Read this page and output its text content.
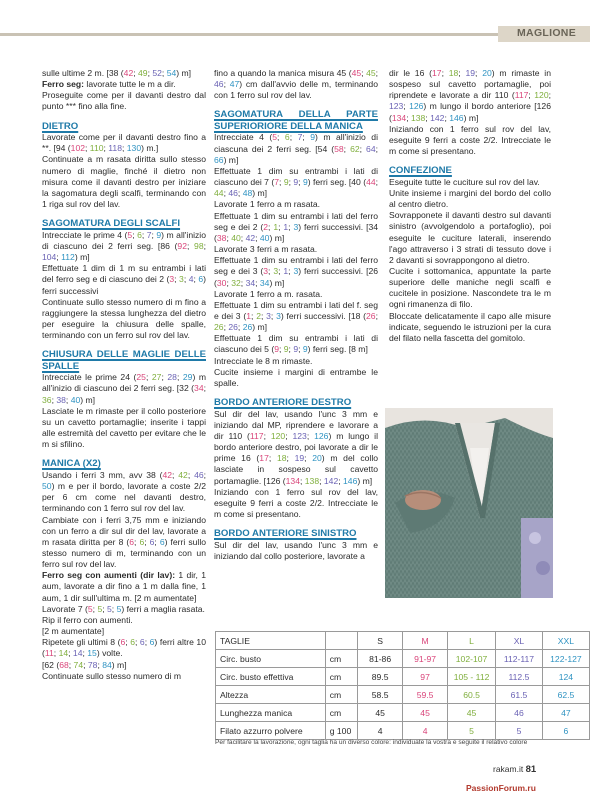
MAGLIONE

sulle ultime 2 m. [38 (42; 49; 52; 54) m]

Ferro seg: lavorate tutte le m a dir.

Proseguite come per il davanti destro dal punto *** fino alla fine.

DIETRO

Lavorate come per il davanti destro fino a **. [94 (102; 110; 118; 130) m.]

Continuate a m rasata diritta sullo stesso numero di maglie, finché il dietro non misura come il davanti destro per iniziare la sagomatura degli scalfi, terminando con 1 riga sul rov del lav.

SAGOMATURA DEGLI SCALFI

Intrecciate le prime 4 (5; 6; 7; 9) m all'inizio di ciascuno dei 2 ferri seg. [86 (92; 98; 104; 112) m]

Effettuate 1 dim di 1 m su entrambi i lati del ferro seg e di ciascuno dei 2 (3; 3; 4; 6) ferri successivi

Continuate sullo stesso numero di m fino a raggiungere la stessa lunghezza del dietro per eseguire la chiusura delle spalle, terminando con un ferro sul rov del lav.

CHIUSURA DELLE MAGLIE DELLE SPALLE

Intrecciate le prime 24 (25; 27; 28; 29) m all'inizio di ciascuno dei 2 ferri seg. [32 (34; 36; 38; 40) m]

Lasciate le m rimaste per il collo posteriore su un cavetto portamaglie; inserite i tappi alle estremità del cavetto per evitare che le m si sfilino.

MANICA (X2)

Usando i ferri 3 mm, avv 38 (42; 42; 46; 50) m e per il bordo, lavorate a coste 2/2 per 6 cm come nel davanti destro, terminando con 1 ferro sul rov del lav.

Cambiate con i ferri 3,75 mm e iniziando con un ferro a dir sul dir del lav, lavorate a m rasata diritta per 8 (6; 6; 6; 6) ferri sullo stesso numero di m, terminando con un ferro sul rov del lav.

Ferro seg con aumenti (dir lav): 1 dir, 1 aum, lavorate a dir fino a 1 m dalla fine, 1 aum, 1 dir sull'ultima m. [2 m aumentate]

Lavorate 7 (5; 5; 5; 5) ferri a maglia rasata.

Rip il ferro con aumenti.

[2 m aumentate]

Ripetete gli ultimi 8 (6; 6; 6; 6) ferri altre 10 (11; 14; 14; 15) volte.

[62 (68; 74; 78; 84) m]

Continuate sullo stesso numero di m

fino a quando la manica misura 45 (45; 45; 46; 47) cm dall'avvio delle m, terminando con 1 ferro sul rov del lav.

SAGOMATURA DELLA PARTE SUPERIORIORE DELLA MANICA

Intrecciate 4 (5; 6; 7; 9) m all'inizio di ciascuna dei 2 ferri seg. [54 (58; 62; 64; 66) m]

Effettuate 1 dim su entrambi i lati di ciascuno dei 7 (7; 9; 9; 9) ferri seg. [40 (44; 44; 46; 48) m]

Lavorate 1 ferro a m rasata.

Effettuate 1 dim su entrambi i lati del ferro seg e dei 2 (2; 1; 1; 3) ferri successivi. [34 (38; 40; 42; 40) m]

Lavorate 3 ferri a m rasata.

Effettuate 1 dim su entrambi i lati del ferro seg e dei 3 (3; 3; 1; 3) ferri successivi. [26 (30; 32; 34; 34) m]

Lavorate 1 ferro a m. rasata.

Effettuate 1 dim su entrambi i lati del f. seg e dei 3 (1; 2; 3; 3) ferri successivi. [18 (26; 26; 26; 26) m]

Effettuate 1 dim su entrambi i lati di ciascuno dei 5 (9; 9; 9; 9) ferri seg. [8 m]

Intrecciate le 8 m rimaste.

Cucite insieme i margini di entrambe le spalle.

BORDO ANTERIORE DESTRO

Sul dir del lav, usando l'unc 3 mm e iniziando dal MP, riprendere e lavorare a dir 110 (117; 120; 123; 126) m lungo il bordo anteriore destro, poi lavorate a dir le prime 16 (17; 18; 19; 20) m del collo lasciate in sospeso sul cavetto portamaglie. [126 (134; 138; 142; 146) m]

Iniziando con 1 ferro sul rov del lav, eseguite 9 ferri a coste 2/2. Intrecciate le m come si presentano.

BORDO ANTERIORE SINISTRO

Sul dir del lav, usando l'unc 3 mm e iniziando dal collo posteriore, lavorate a

dir le 16 (17; 18; 19; 20) m rimaste in sospeso sul cavetto portamaglie, poi riprendete e lavorate a dir 110 (117; 120; 123; 126) m lungo il bordo anteriore [126 (134; 138; 142; 146) m]

Iniziando con 1 ferro sul rov del lav, eseguite 9 ferri a coste 2/2. Intrecciate le m come si presentano.

CONFEZIONE

Eseguite tutte le cuciture sul rov del lav.

Unite insieme i margini del bordo del collo al centro dietro.

Sovrapponete il davanti destro sul davanti sinistro (avvolgendolo a portafoglio), poi eseguite le cuciture laterali, inserendo l'ago attraverso i 3 strati di tessuto dove i 2 davanti si sovrappongono al dietro.

Cucite i sottomanica, appuntate la parte superiore delle maniche negli scalfi e cucitele in posizione. Nascondete tra le m ogni rimanenza di filo.

Bloccate delicatamente il capo alle misure indicate, seguendo le istruzioni per la cura del filato nella fascetta del gomitolo.

TAGLIE		S	M	L	XL	XXL
Circ. busto	cm	81-86	91-97	102-107	112-117	122-127
Circ. busto effettiva	cm	89.5	97	105 - 112	112.5	124
Altezza	cm	58.5	59.5	60.5	61.5	62.5
Lunghezza manica	cm	45	45	45	46	47
Filato azzurro polvere	g 100	4	4	5	5	6
Per facilitare la lavorazione, ogni taglia ha un diverso colore: individuate la vostra e seguite il relativo colore
rakam.it 81
PassionForum.ru
